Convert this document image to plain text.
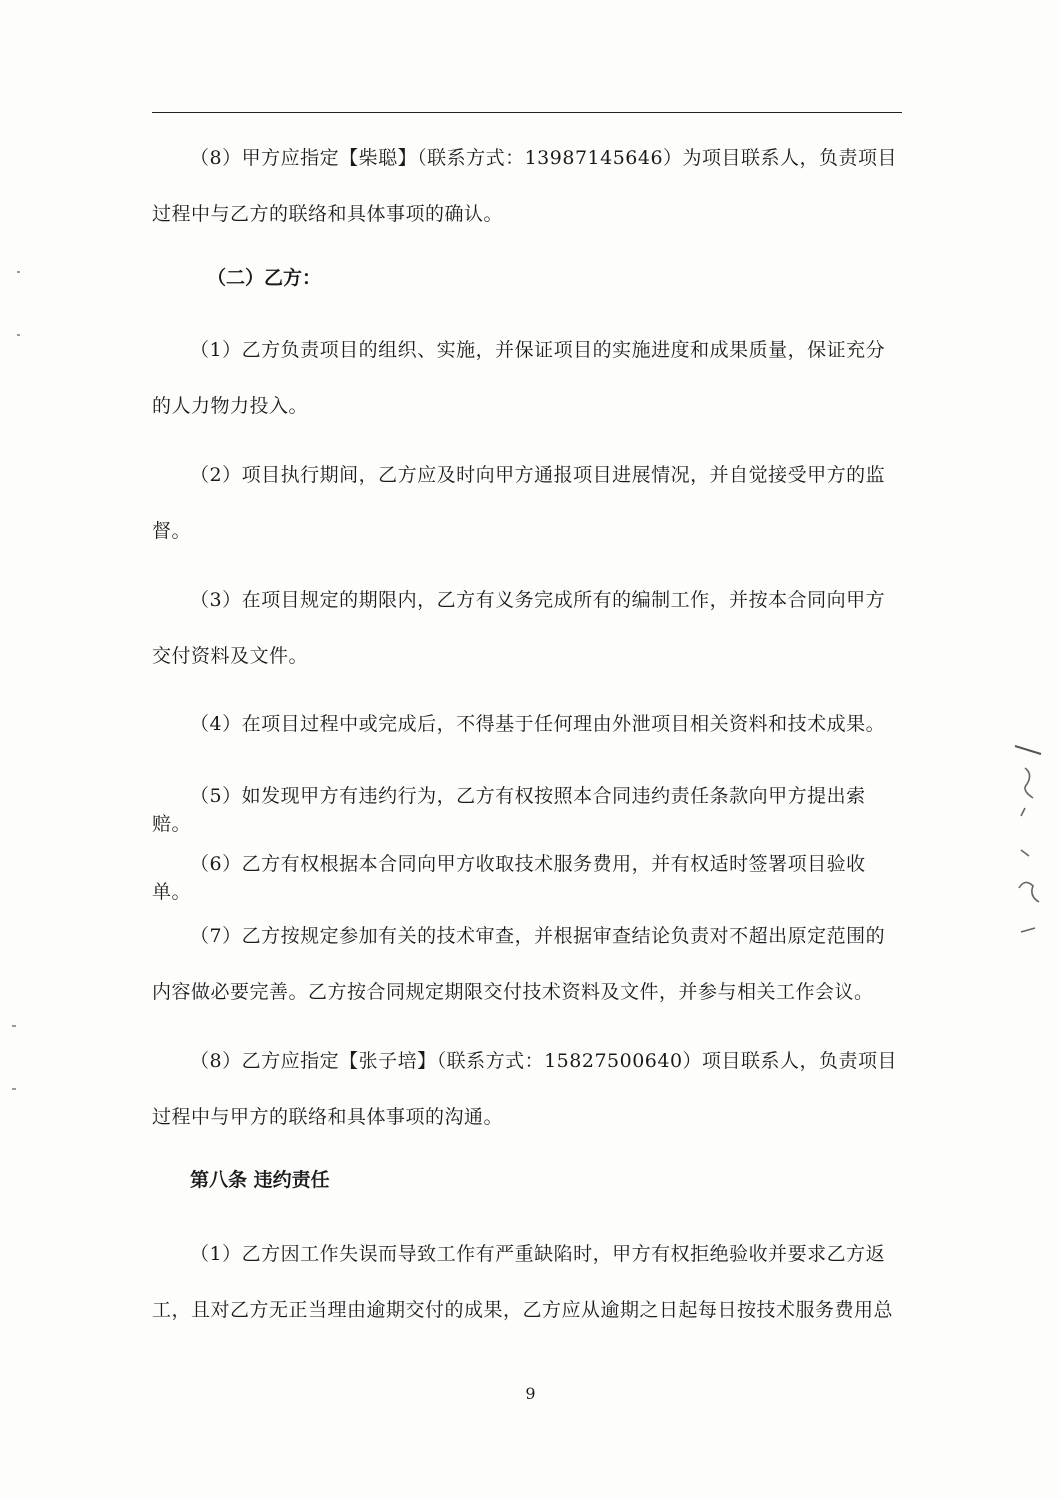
（8）甲方应指定【柴聪】（联系方式：13987145646）为项目联系人，负责项目过程中与乙方的联络和具体事项的确认。

（二）乙方：

（1）乙方负责项目的组织、实施，并保证项目的实施进度和成果质量，保证充分的人力物力投入。

（2）项目执行期间，乙方应及时向甲方通报项目进展情况，并自觉接受甲方的监督。

（3）在项目规定的期限内，乙方有义务完成所有的编制工作，并按本合同向甲方交付资料及文件。

（4）在项目过程中或完成后，不得基于任何理由外泄项目相关资料和技术成果。

（5）如发现甲方有违约行为，乙方有权按照本合同违约责任条款向甲方提出索赔。

（6）乙方有权根据本合同向甲方收取技术服务费用，并有权适时签署项目验收单。

（7）乙方按规定参加有关的技术审查，并根据审查结论负责对不超出原定范围的内容做必要完善。乙方按合同规定期限交付技术资料及文件，并参与相关工作会议。

（8）乙方应指定【张子培】（联系方式：15827500640）项目联系人，负责项目过程中与甲方的联络和具体事项的沟通。

第八条 违约责任

（1）乙方因工作失误而导致工作有严重缺陷时，甲方有权拒绝验收并要求乙方返工，且对乙方无正当理由逾期交付的成果，乙方应从逾期之日起每日按技术服务费用总

9
